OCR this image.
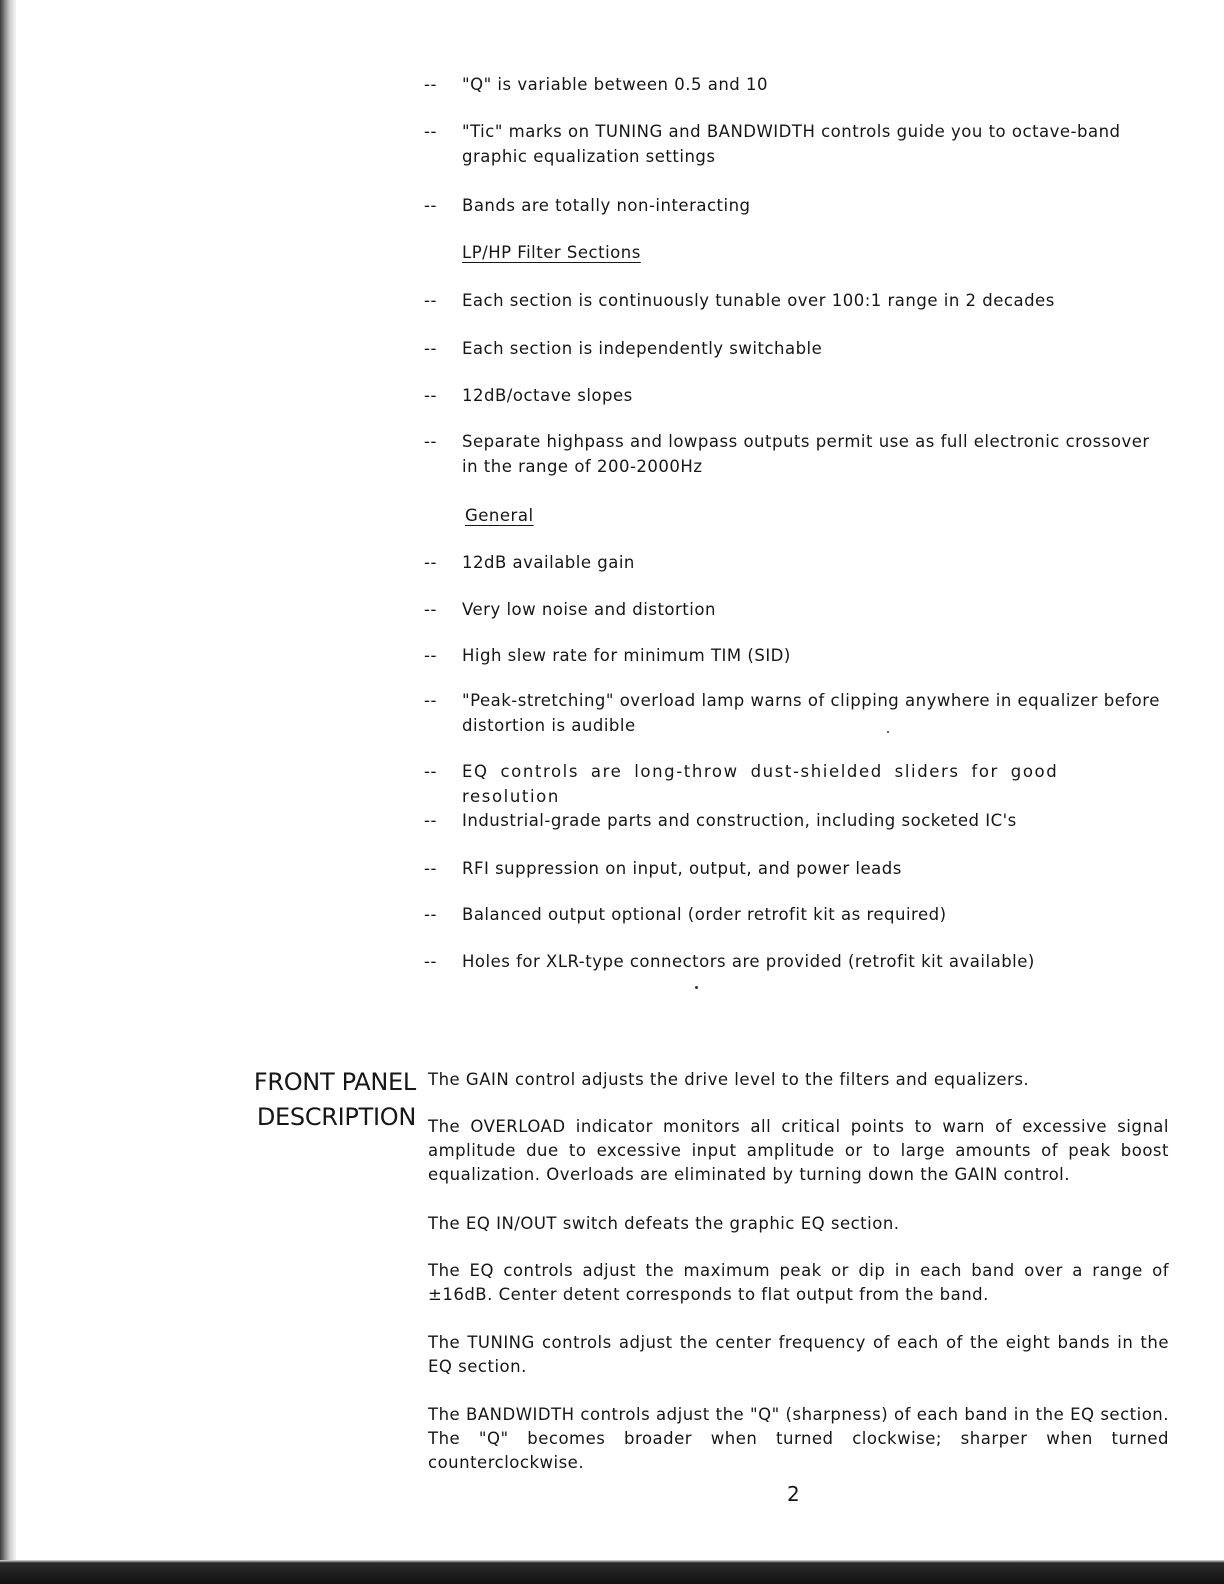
-- "Q" is variable between 0.5 and 10
-- "Tic" marks on TUNING and BANDWIDTH controls guide you to octave-band graphic equalization settings
-- Bands are totally non-interacting
LP/HP Filter Sections
-- Each section is continuously tunable over 100:1 range in 2 decades
-- Each section is independently switchable
-- 12dB/octave slopes
-- Separate highpass and lowpass outputs permit use as full electronic crossover in the range of 200-2000Hz
General
-- 12dB available gain
-- Very low noise and distortion
-- High slew rate for minimum TIM (SID)
-- "Peak-stretching" overload lamp warns of clipping anywhere in equalizer before distortion is audible
-- EQ controls are long-throw dust-shielded sliders for good resolution
-- Industrial-grade parts and construction, including socketed IC's
-- RFI suppression on input, output, and power leads
-- Balanced output optional (order retrofit kit as required)
-- Holes for XLR-type connectors are provided (retrofit kit available)
FRONT PANEL
DESCRIPTION

The GAIN control adjusts the drive level to the filters and equalizers.

The OVERLOAD indicator monitors all critical points to warn of excessive signal amplitude due to excessive input amplitude or to large amounts of peak boost equalization. Overloads are eliminated by turning down the GAIN control.

The EQ IN/OUT switch defeats the graphic EQ section.

The EQ controls adjust the maximum peak or dip in each band over a range of ±16dB. Center detent corresponds to flat output from the band.

The TUNING controls adjust the center frequency of each of the eight bands in the EQ section.

The BANDWIDTH controls adjust the "Q" (sharpness) of each band in the EQ section. The "Q" becomes broader when turned clockwise; sharper when turned counterclockwise.

2
